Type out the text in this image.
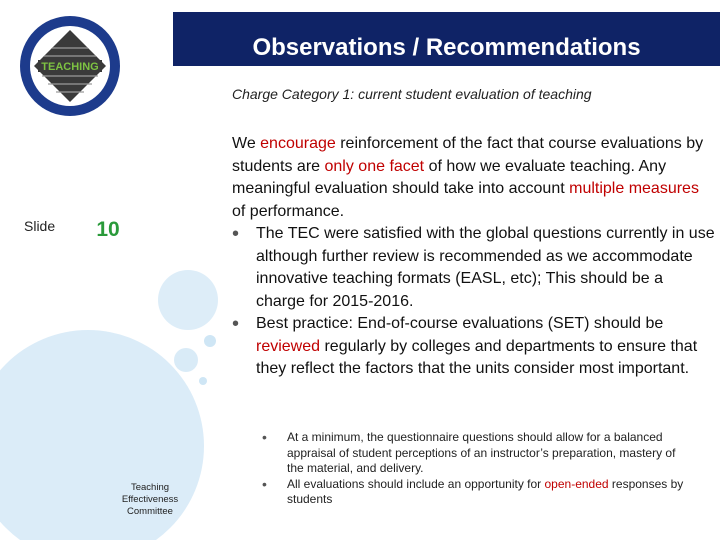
Observations / Recommendations
TEACHING
Charge Category 1: current student evaluation of teaching
Slide	10
Teaching
Effectiveness
Committee
We encourage reinforcement of the fact that course evaluations by students are only one facet of how we evaluate teaching. Any meaningful evaluation should take into account multiple measures of performance.
• The TEC were satisfied with the global questions currently in use although further review is recommended as we accommodate innovative teaching formats (EASL, etc); This should be a charge for 2015-2016.
• Best practice: End-of-course evaluations (SET) should be reviewed regularly by colleges and departments to ensure that they reflect the factors that the units consider most important.
• At a minimum, the questionnaire questions should allow for a balanced appraisal of student perceptions of an instructor’s preparation, mastery of the material, and delivery.
• All evaluations should include an opportunity for open-ended responses by students
